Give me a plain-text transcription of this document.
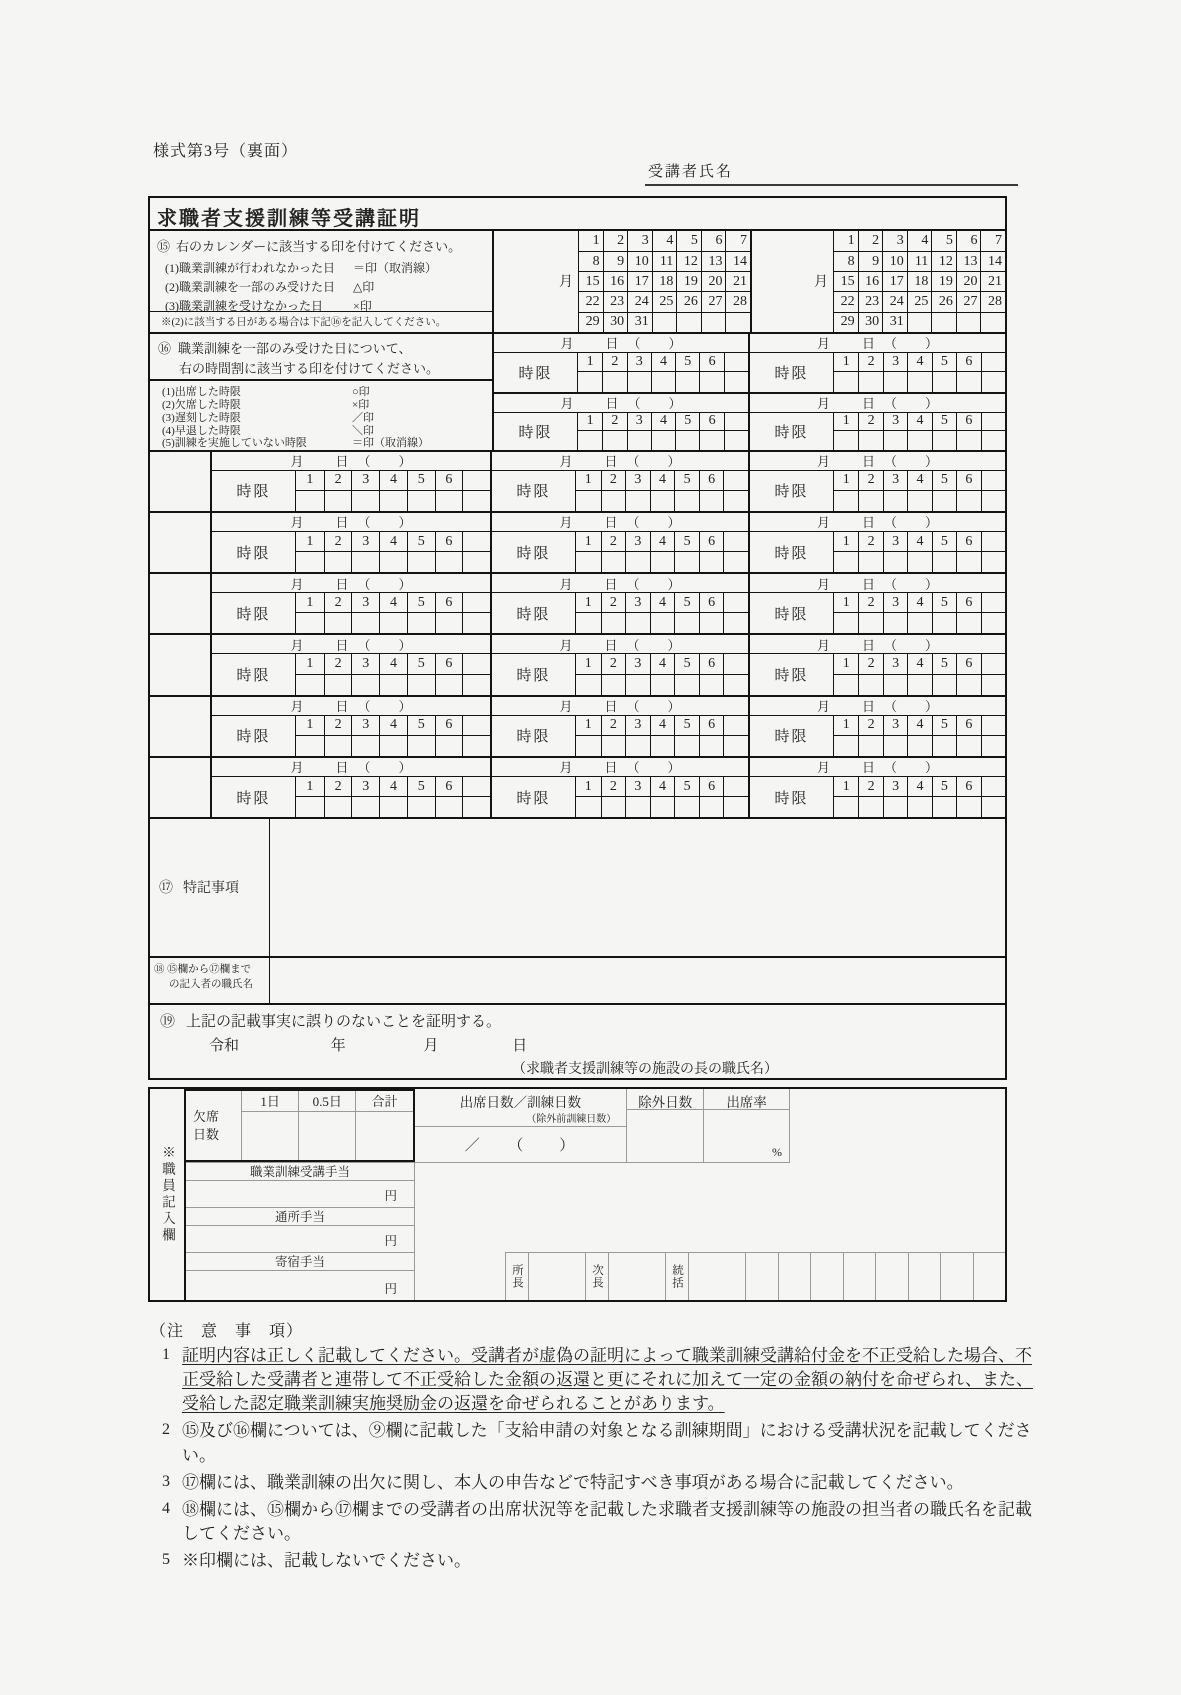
様式第3号（裏面）
受講者氏名
求職者支援訓練等受講証明
⑮ 右のカレンダーに該当する印を付けてください。
(1)職業訓練が行われなかった日	＝印（取消線）
(2)職業訓練を一部のみ受けた日	△印
(3)職業訓練を受けなかった日	×印
※(2)に該当する日がある場合は下記⑯を記入してください。
月
1	2	3	4	5	6	7
8	9 10 11 12 13 14
15 16 17 18 19 20 21
22 23 24 25 26 27 28
29 30 31
月
1	2	3	4	5	6	7
8	9 10 11 12 13 14
15 16 17 18 19 20 21
22 23 24 25 26 27 28
29 30 31
⑯ 職業訓練を一部のみ受けた日について、
右の時間割に該当する印を付けてください。
(1)出席した時限	○印
(2)欠席した時限	×印
(3)遅刻した時限	／印
(4)早退した時限	＼印
(5)訓練を実施していない時限	＝印（取消線）
月 日 （ ）
時限
1	2	3	4	5	6
月 日 （ ）
時限
1	2	3	4	5	6
月 日 （ ）
時限
1	2	3	4	5	6
月 日 （ ）
時限
1	2	3	4	5	6
月 日 （ ）
時限
1	2	3	4	5	6
月 日 （ ）
時限
1	2	3	4	5	6
月 日 （ ）
時限
1	2	3	4	5	6
月 日 （ ）
時限
1	2	3	4	5	6
月 日 （ ）
時限
1	2	3	4	5	6
月 日 （ ）
時限
1	2	3	4	5	6
月 日 （ ）
時限
1	2	3	4	5	6
月 日 （ ）
時限
1	2	3	4	5	6
月 日 （ ）
時限
1	2	3	4	5	6
月 日 （ ）
時限
1	2	3	4	5	6
月 日 （ ）
時限
1	2	3	4	5	6
月 日 （ ）
時限
1	2	3	4	5	6
月 日 （ ）
時限
1	2	3	4	5	6
月 日 （ ）
時限
1	2	3	4	5	6
月 日 （ ）
時限
1	2	3	4	5	6
月 日 （ ）
時限
1	2	3	4	5	6
月 日 （ ）
時限
1	2	3	4	5	6
月 日 （ ）
時限
1	2	3	4	5	6
⑰ 特記事項
⑱ ⑮欄から⑰欄まで
の記入者の職氏名
⑲ 上記の記載事実に誤りのないことを証明する。
令和	年	月	日
（求職者支援訓練等の施設の長の職氏名）
※職員記入欄
欠席
日数
1日	0.5日	合計	出席日数／訓練日数
（除外前訓練日数）
／　　（　　）
除外日数	出席率
%
職業訓練受講手当
円
通所手当
円
寄宿手当
円	所長	次長	統括
（注　意　事　項）
1 証明内容は正しく記載してください。受講者が虚偽の証明によって職業訓練受講給付金を不正受給した場合、不正受給した受講者と連帯して不正受給した金額の返還と更にそれに加えて一定の金額の納付を命ぜられ、また、受給した認定職業訓練実施奨励金の返還を命ぜられることがあります。
2 ⑮及び⑯欄については、⑨欄に記載した「支給申請の対象となる訓練期間」における受講状況を記載してください。
3 ⑰欄には、職業訓練の出欠に関し、本人の申告などで特記すべき事項がある場合に記載してください。
4 ⑱欄には、⑮欄から⑰欄までの受講者の出席状況等を記載した求職者支援訓練等の施設の担当者の職氏名を記載してください。
5 ※印欄には、記載しないでください。
